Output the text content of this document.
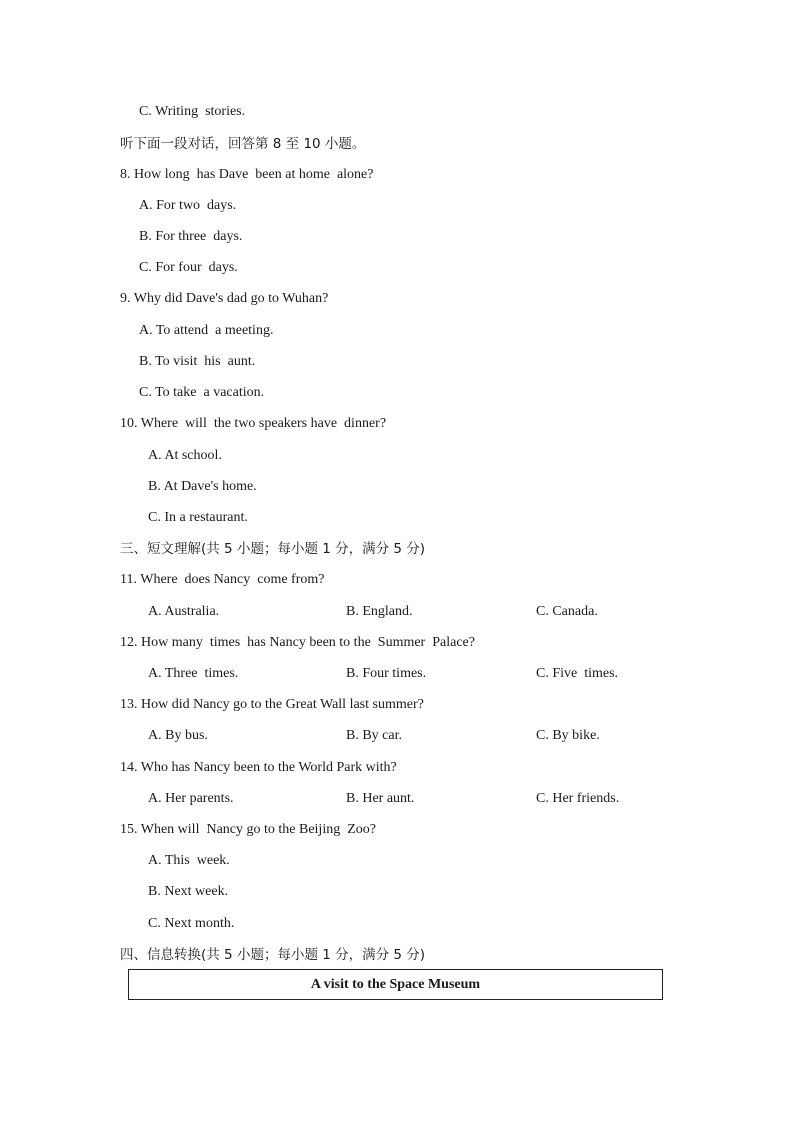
C. Writing  stories.
听下面一段对话，回答第 8 至 10 小题。
8. How long  has Dave  been at home  alone?
A. For two  days.
B. For three  days.
C. For four  days.
9. Why did Dave's dad go to Wuhan?
A. To attend  a meeting.
B. To visit  his  aunt.
C. To take  a vacation.
10. Where  will  the two speakers have  dinner?
A. At school.
B. At Dave's home.
C. In a restaurant.
三、短文理解(共 5 小题；每小题 1 分，满分 5 分)
11. Where  does Nancy  come from?
A. Australia.	B. England.	C. Canada.
12. How many  times  has Nancy been to the  Summer  Palace?
A. Three  times.	B. Four times.	C. Five  times.
13. How did Nancy go to the Great Wall last summer?
A. By bus.	B. By car.	C. By bike.
14. Who has Nancy been to the World Park with?
A. Her parents.	B. Her aunt.	C. Her friends.
15. When will  Nancy go to the Beijing  Zoo?
A. This  week.
B. Next week.
C. Next month.
四、信息转换(共 5 小题；每小题 1 分，满分 5 分)
A visit to the Space Museum
